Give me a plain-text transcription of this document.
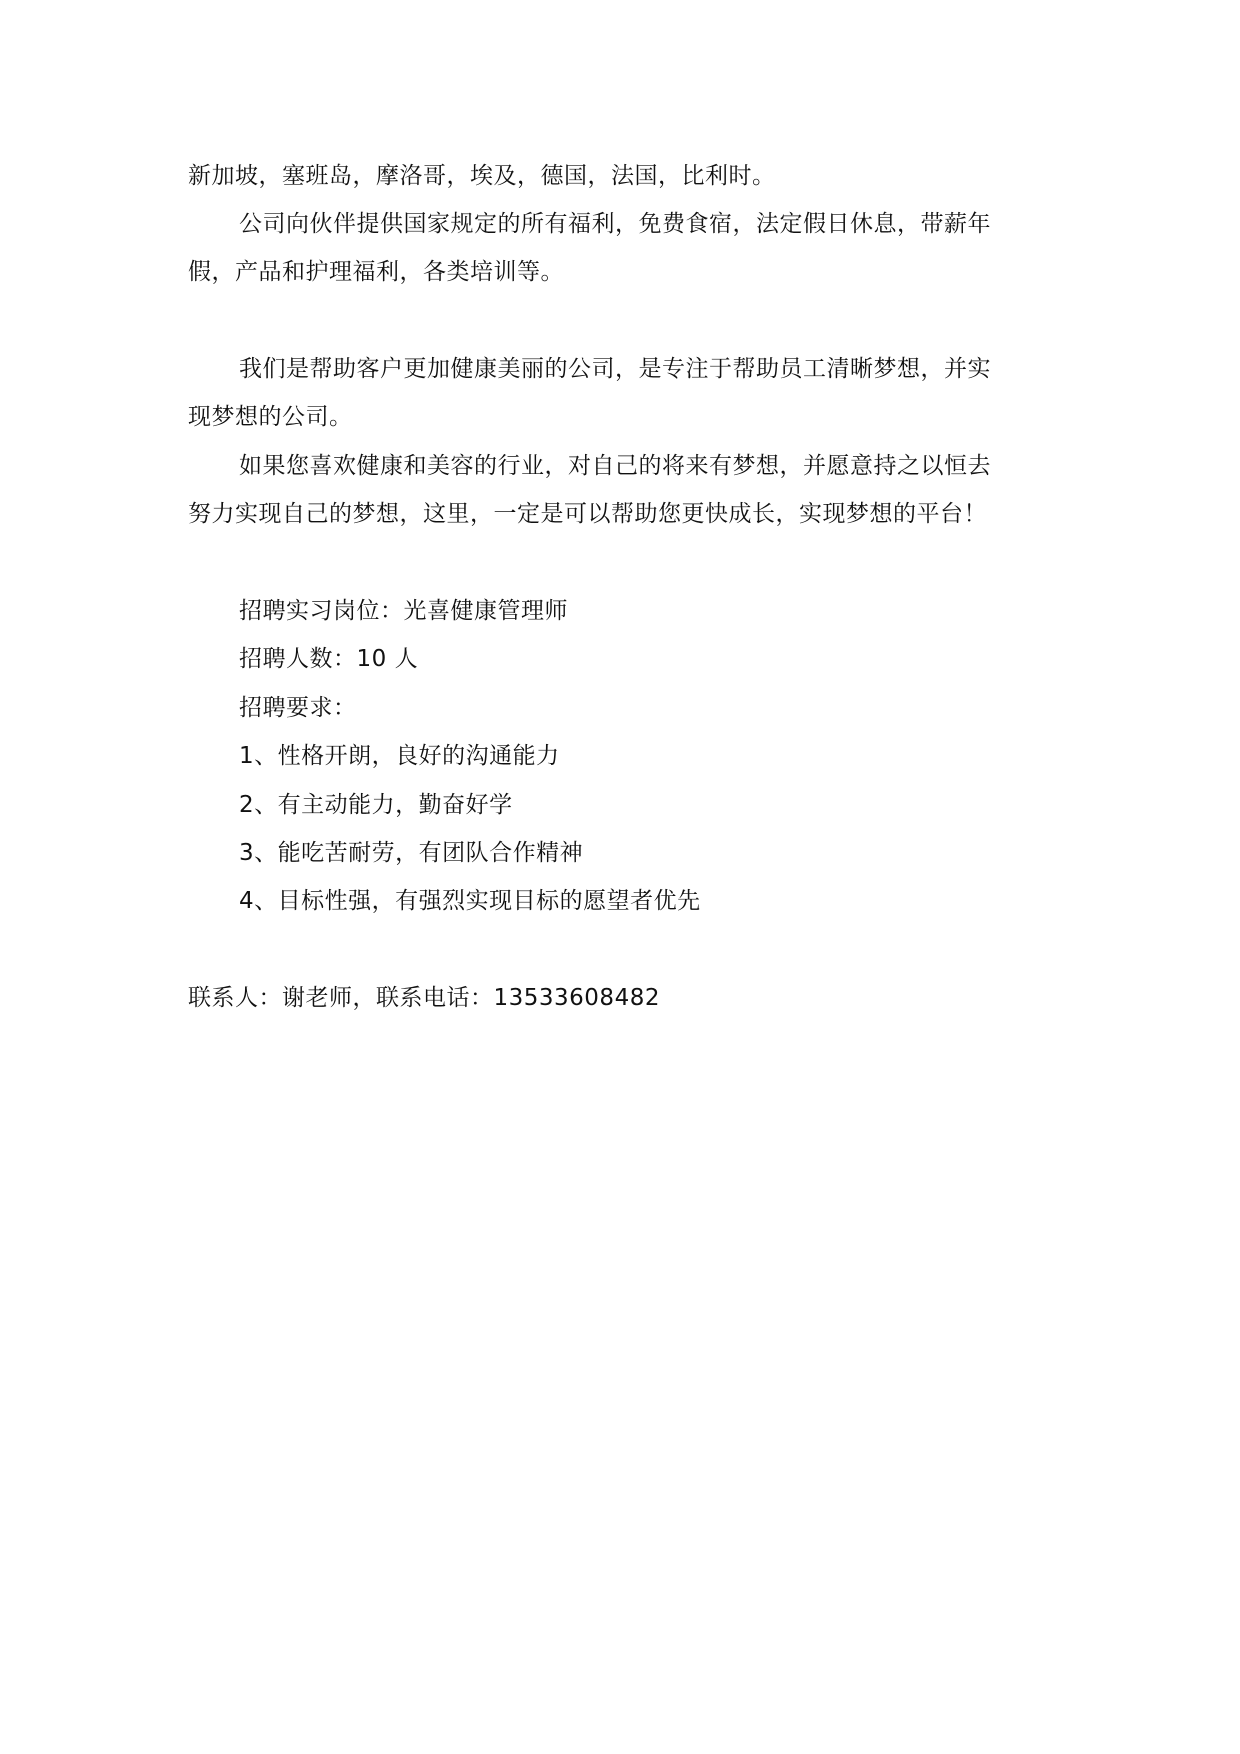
新加坡，塞班岛，摩洛哥，埃及，德国，法国，比利时。

公司向伙伴提供国家规定的所有福利，免费食宿，法定假日休息，带薪年

假，产品和护理福利，各类培训等。

我们是帮助客户更加健康美丽的公司，是专注于帮助员工清晰梦想，并实

现梦想的公司。

如果您喜欢健康和美容的行业，对自己的将来有梦想，并愿意持之以恒去

努力实现自己的梦想，这里，一定是可以帮助您更快成长，实现梦想的平台！

招聘实习岗位：光喜健康管理师

招聘人数：10 人

招聘要求：

1、性格开朗，良好的沟通能力

2、有主动能力，勤奋好学

3、能吃苦耐劳，有团队合作精神

4、目标性强，有强烈实现目标的愿望者优先

联系人：谢老师，联系电话：13533608482
